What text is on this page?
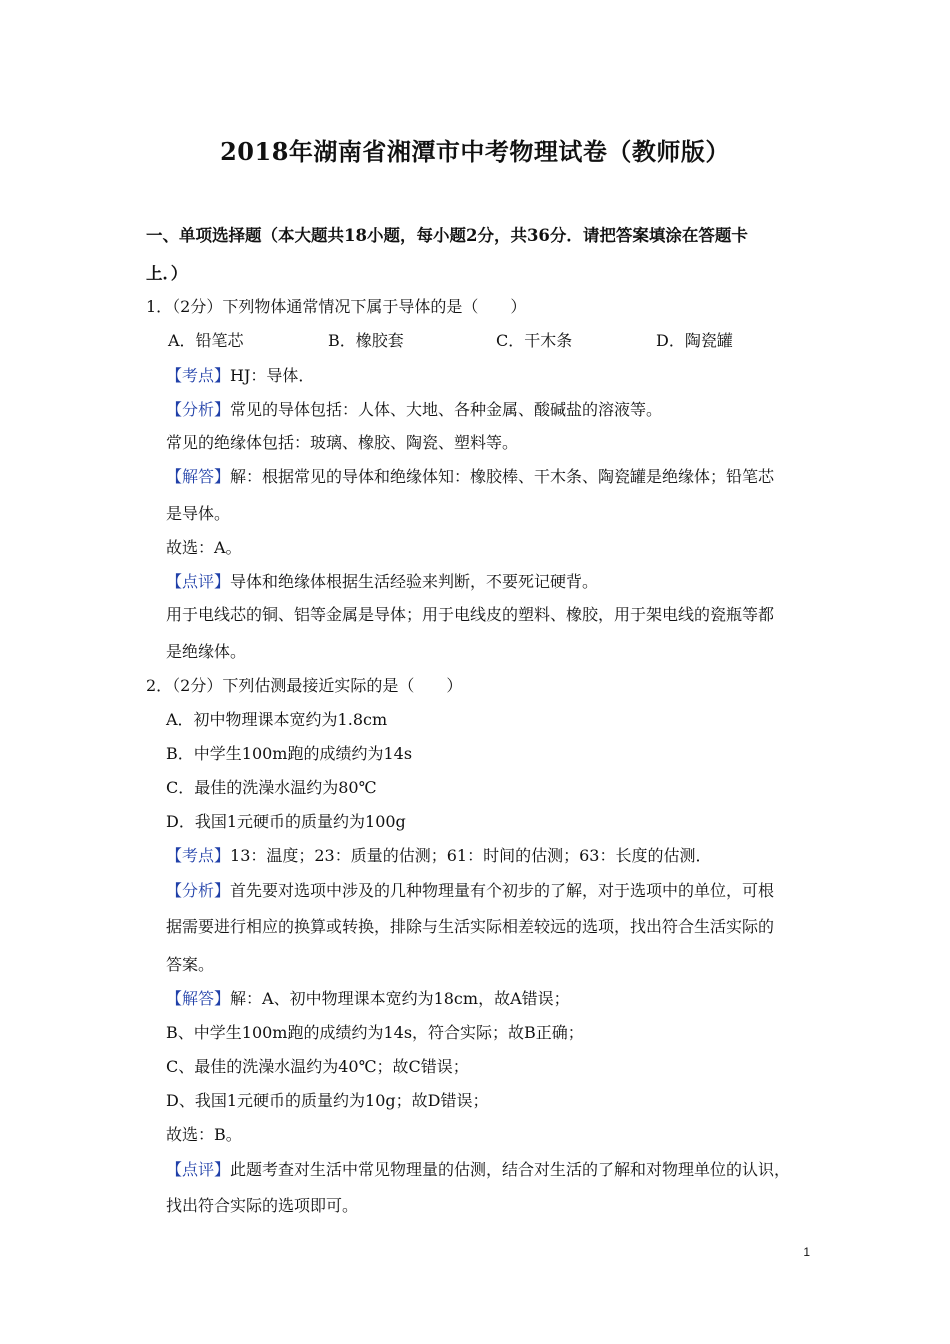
2018年湖南省湘潭市中考物理试卷（教师版）
一、单项选择题（本大题共18小题，每小题2分，共36分．请把答案填涂在答题卡
上．）
1．（2分）下列物体通常情况下属于导体的是（　　）
A．铅笔芯	B．橡胶套	C．干木条	D．陶瓷罐
【考点】HJ：导体．
【分析】常见的导体包括：人体、大地、各种金属、酸碱盐的溶液等。
常见的绝缘体包括：玻璃、橡胶、陶瓷、塑料等。
【解答】解：根据常见的导体和绝缘体知：橡胶棒、干木条、陶瓷罐是绝缘体；铅笔芯
是导体。
故选：A。
【点评】导体和绝缘体根据生活经验来判断，不要死记硬背。
用于电线芯的铜、铝等金属是导体；用于电线皮的塑料、橡胶，用于架电线的瓷瓶等都
是绝缘体。
2．（2分）下列估测最接近实际的是（　　）
A．初中物理课本宽约为1.8cm
B．中学生100m跑的成绩约为14s
C．最佳的洗澡水温约为80℃
D．我国1元硬币的质量约为100g
【考点】13：温度；23：质量的估测；61：时间的估测；63：长度的估测．
【分析】首先要对选项中涉及的几种物理量有个初步的了解，对于选项中的单位，可根
据需要进行相应的换算或转换，排除与生活实际相差较远的选项，找出符合生活实际的
答案。
【解答】解：A、初中物理课本宽约为18cm，故A错误；
B、中学生100m跑的成绩约为14s，符合实际；故B正确；
C、最佳的洗澡水温约为40℃；故C错误；
D、我国1元硬币的质量约为10g；故D错误；
故选：B。
【点评】此题考查对生活中常见物理量的估测，结合对生活的了解和对物理单位的认识，
找出符合实际的选项即可。
1
